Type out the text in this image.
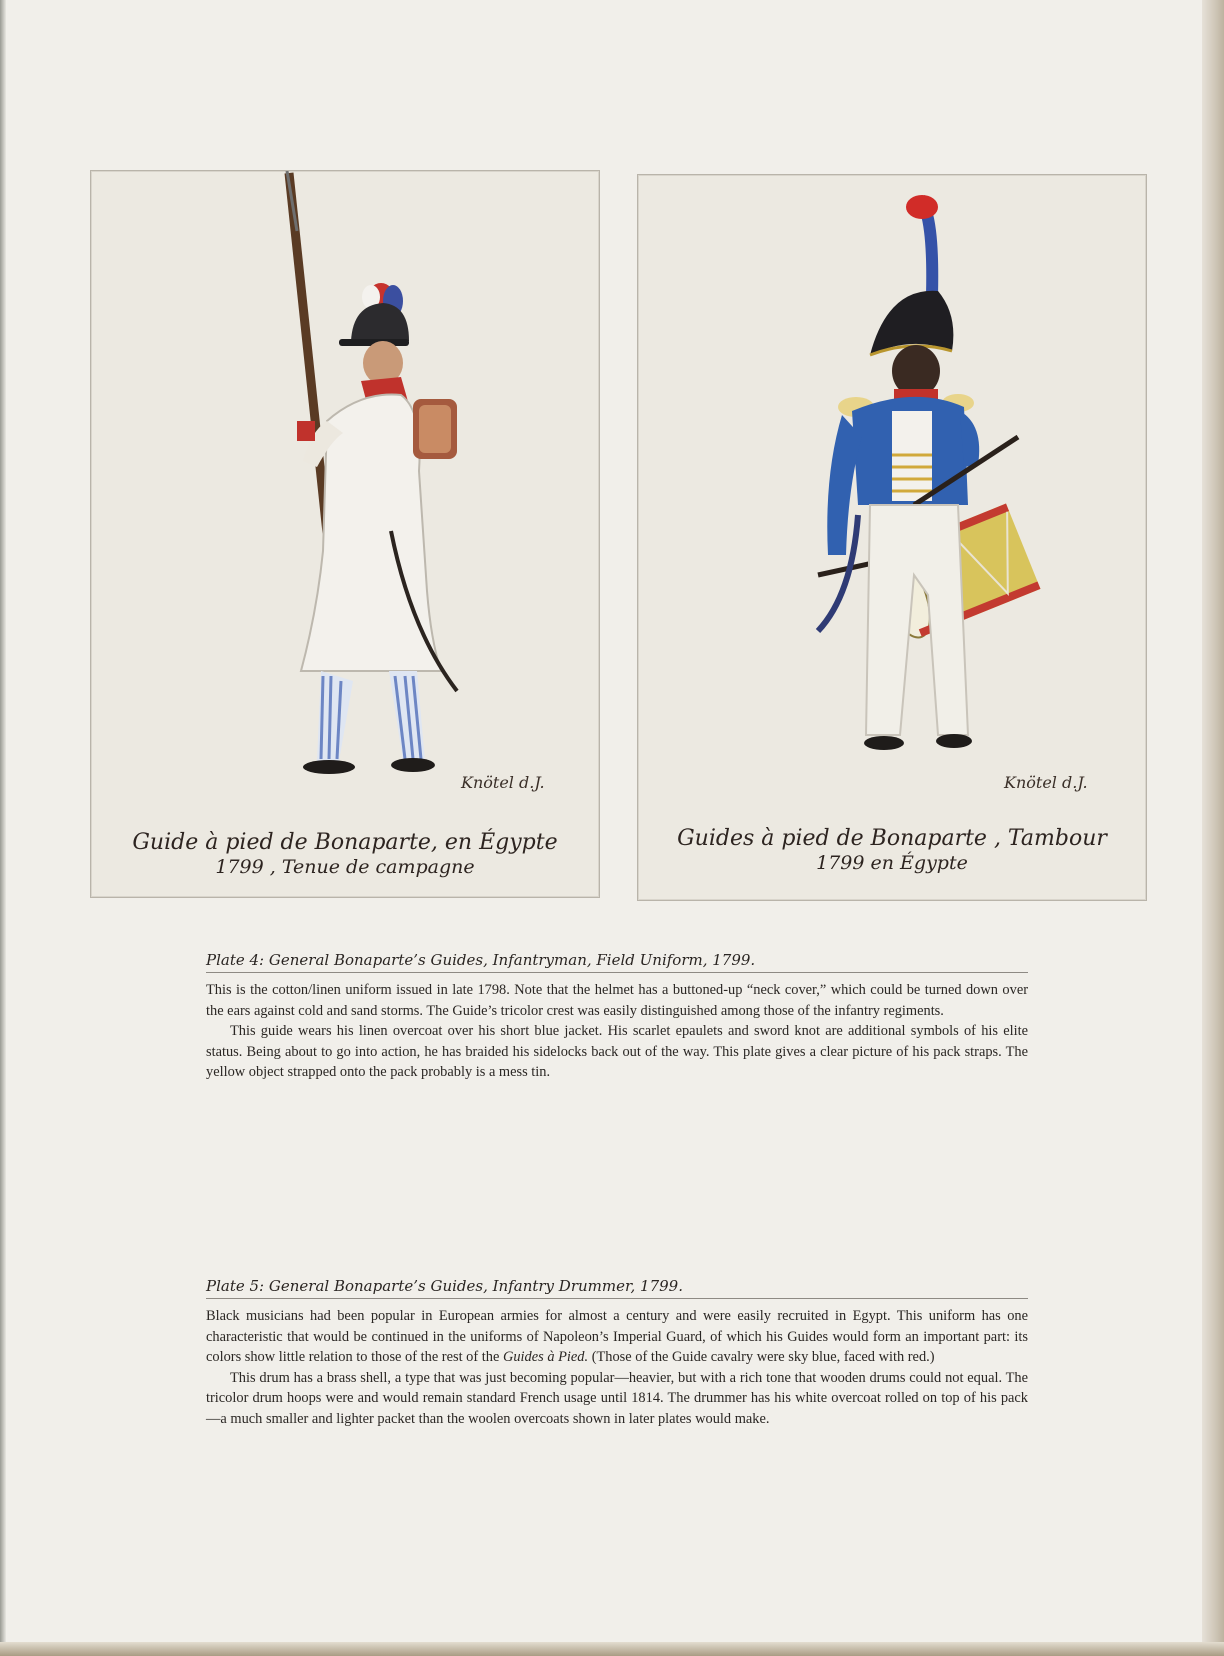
Knötel d.J.
Guide à pied de Bonaparte, en Égypte
1799 , Tenue de campagne
Knötel d.J.
Guides à pied de Bonaparte , Tambour
1799 en Égypte
Plate 4: General Bonaparte’s Guides, Infantryman, Field Uniform, 1799.

This is the cotton/linen uniform issued in late 1798. Note that the helmet has a buttoned-up “neck cover,” which could be turned down over the ears against cold and sand storms. The Guide’s tricolor crest was easily distinguished among those of the infantry regiments.

This guide wears his linen overcoat over his short blue jacket. His scarlet epaulets and sword knot are additional symbols of his elite status. Being about to go into action, he has braided his sidelocks back out of the way. This plate gives a clear picture of his pack straps. The yellow object strapped onto the pack probably is a mess tin.

Plate 5: General Bonaparte’s Guides, Infantry Drummer, 1799.

Black musicians had been popular in European armies for almost a century and were easily recruited in Egypt. This uniform has one characteristic that would be continued in the uniforms of Napoleon’s Imperial Guard, of which his Guides would form an important part: its colors show little relation to those of the rest of the Guides à Pied. (Those of the Guide cavalry were sky blue, faced with red.)

This drum has a brass shell, a type that was just becoming popular—heavier, but with a rich tone that wooden drums could not equal. The tricolor drum hoops were and would remain standard French usage until 1814. The drummer has his white overcoat rolled on top of his pack—a much smaller and lighter packet than the woolen overcoats shown in later plates would make.
